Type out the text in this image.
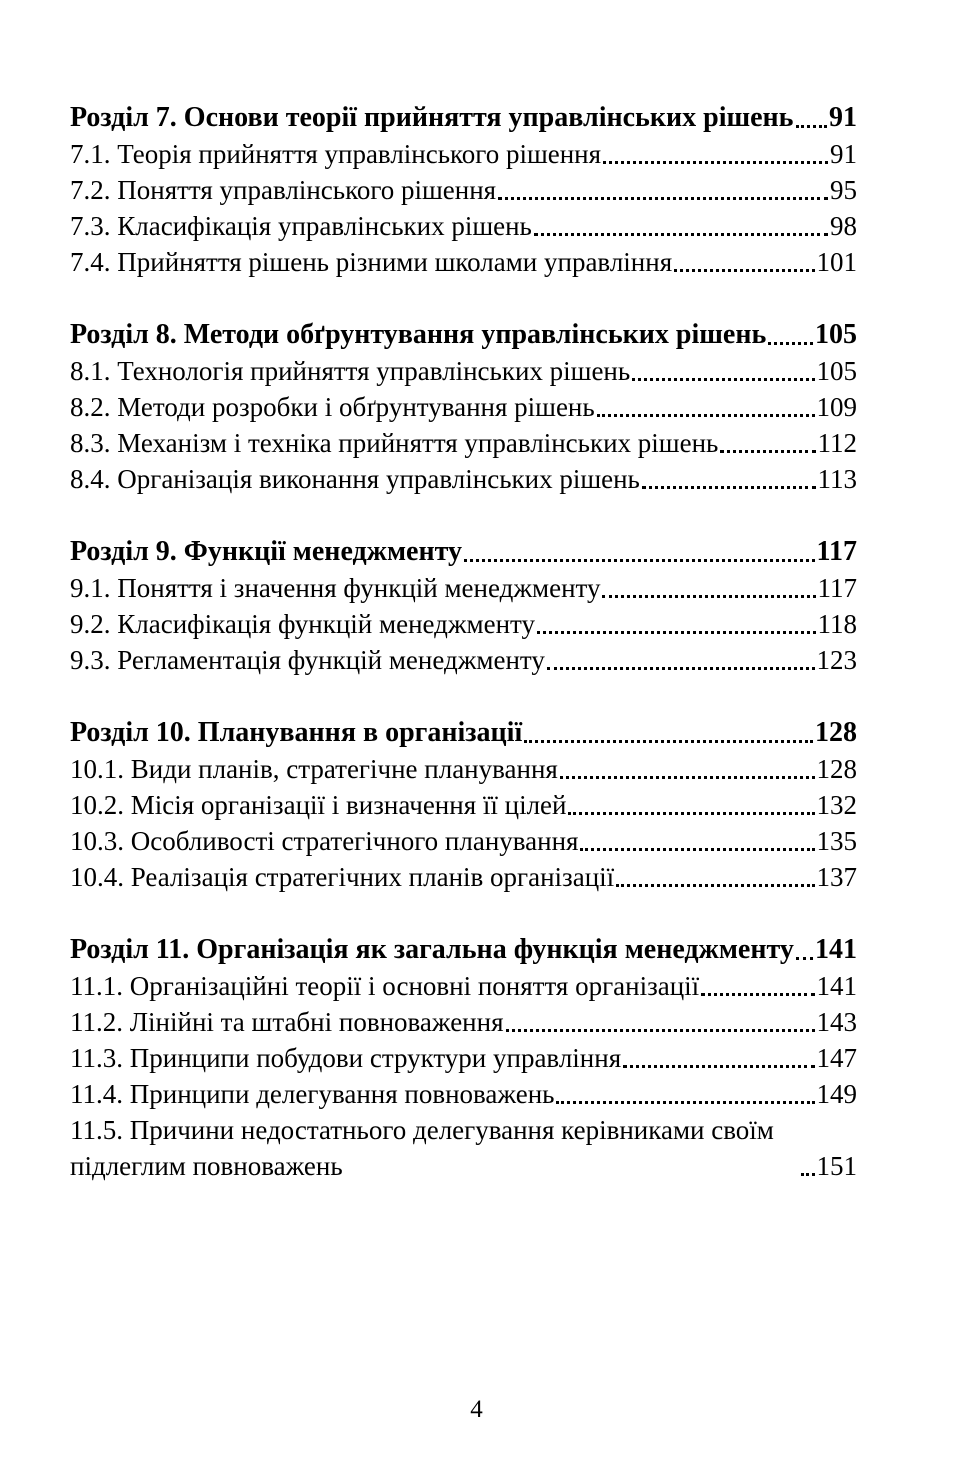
Розділ 7. Основи теорії прийняття управлінських рішень 91
7.1. Теорія прийняття управлінського рішення	91
7.2. Поняття управлінського рішення	95
7.3. Класифікація управлінських рішень	98
7.4. Прийняття рішень різними школами управління	101
Розділ 8. Методи обґрунтування управлінських рішень 105
8.1. Технологія прийняття управлінських рішень	105
8.2. Методи розробки і обґрунтування рішень	109
8.3. Механізм і техніка прийняття управлінських рішень	112
8.4. Організація виконання управлінських рішень	113
Розділ 9. Функції менеджменту	117
9.1. Поняття і значення функцій менеджменту	117
9.2. Класифікація функцій менеджменту	118
9.3. Регламентація функцій менеджменту	123
Розділ 10. Планування в організації	128
10.1. Види планів, стратегічне планування	128
10.2. Місія організації і визначення її цілей	132
10.3. Особливості стратегічного планування	135
10.4. Реалізація стратегічних планів організації	137
Розділ 11. Організація як загальна функція менеджменту 141
11.1. Організаційні теорії і основні поняття організації	141
11.2. Лінійні та штабні повноваження	143
11.3. Принципи побудови структури управління	147
11.4. Принципи делегування повноважень	149
11.5. Причини недостатнього делегування керівниками своїм підлеглим повноважень	151
4
